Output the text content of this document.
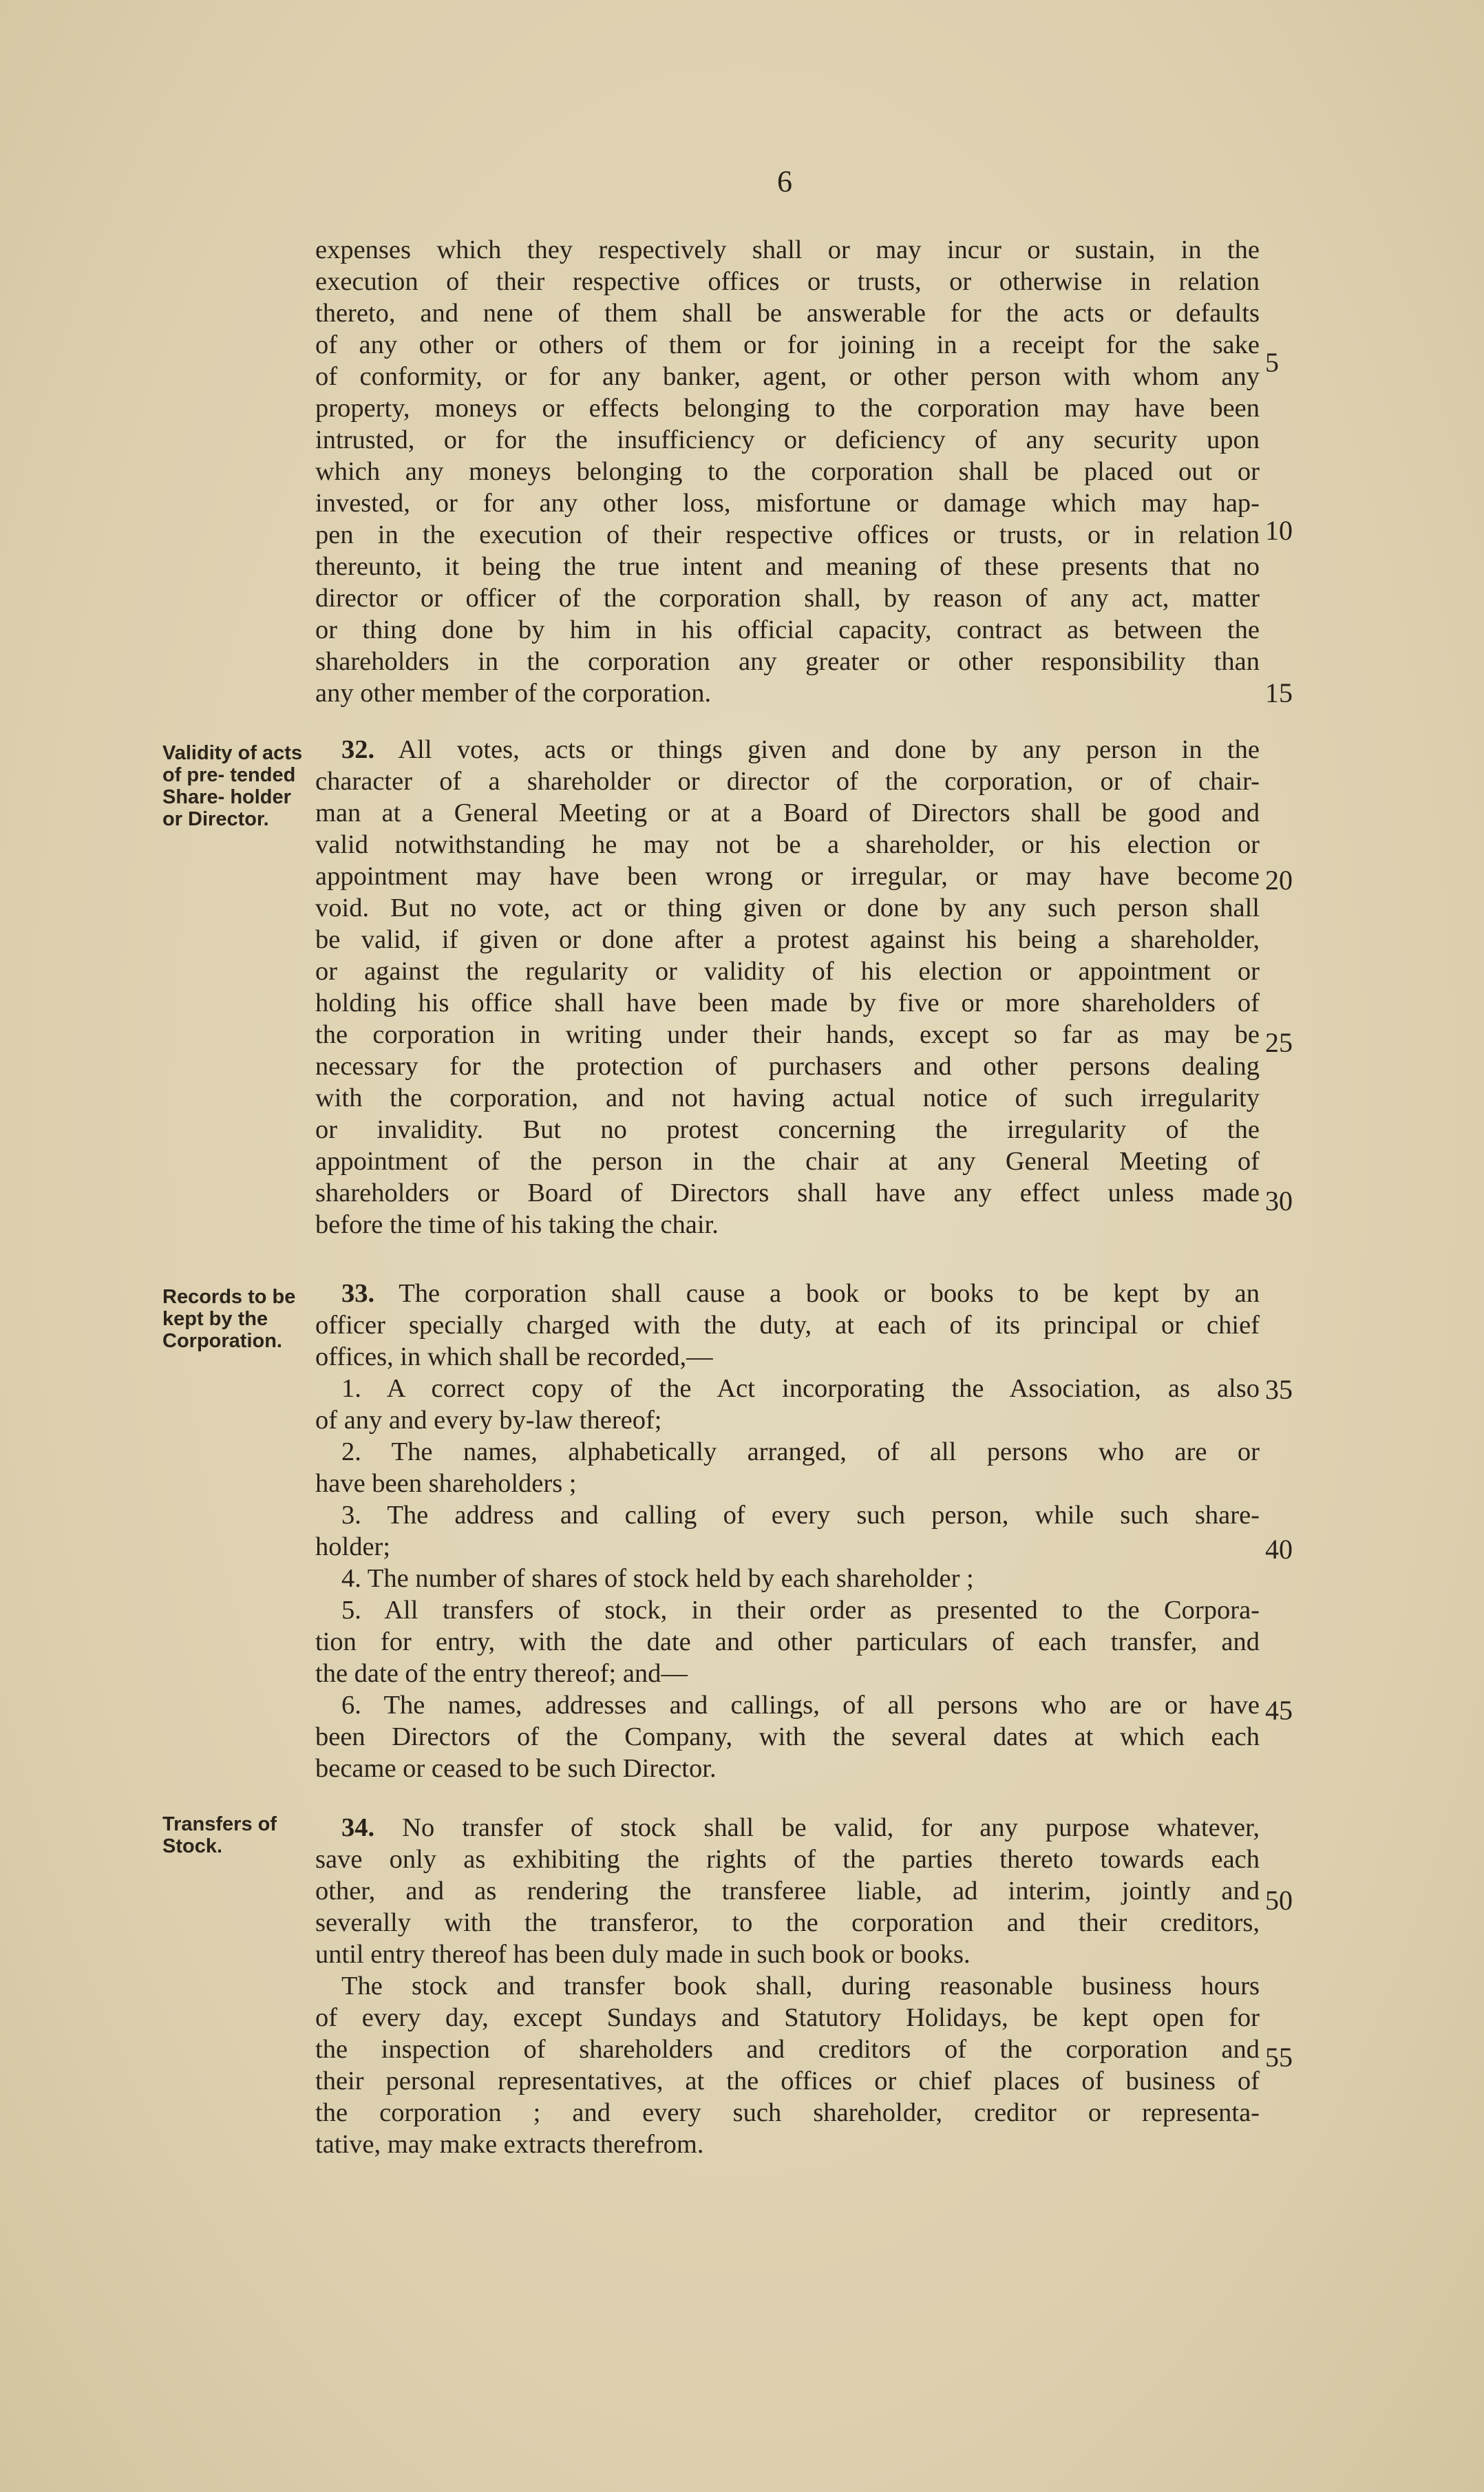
6
expenses which they respectively shall or may incur or sustain, in the
execution of their respective offices or trusts, or otherwise in relation
thereto, and nene of them shall be answerable for the acts or defaults
of any other or others of them or for joining in a receipt for the sake
of conformity, or for any banker, agent, or other person with whom any
property, moneys or effects belonging to the corporation may have been
intrusted, or for the insufficiency or deficiency of any security upon
which any moneys belonging to the corporation shall be placed out or
invested, or for any other loss, misfortune or damage which may hap-
pen in the execution of their respective offices or trusts, or in relation
thereunto, it being the true intent and meaning of these presents that no
director or officer of the corporation shall, by reason of any act, matter
or thing done by him in his official capacity, contract as between the
shareholders in the corporation any greater or other responsibility than
any other member of the corporation.
Validity of acts of pre- tended Share- holder or Director.
32. All votes, acts or things given and done by any person in the
character of a shareholder or director of the corporation, or of chair-
man at a General Meeting or at a Board of Directors shall be good and
valid notwithstanding he may not be a shareholder, or his election or
appointment may have been wrong or irregular, or may have become
void. But no vote, act or thing given or done by any such person shall
be valid, if given or done after a protest against his being a shareholder,
or against the regularity or validity of his election or appointment or
holding his office shall have been made by five or more shareholders of
the corporation in writing under their hands, except so far as may be
necessary for the protection of purchasers and other persons dealing
with the corporation, and not having actual notice of such irregularity
or invalidity. But no protest concerning the irregularity of the
appointment of the person in the chair at any General Meeting of
shareholders or Board of Directors shall have any effect unless made
before the time of his taking the chair.
Records to be kept by the Corporation.
33. The corporation shall cause a book or books to be kept by an
officer specially charged with the duty, at each of its principal or chief
offices, in which shall be recorded,—
1. A correct copy of the Act incorporating the Association, as also
of any and every by-law thereof;
2. The names, alphabetically arranged, of all persons who are or
have been shareholders ;
3. The address and calling of every such person, while such share-
holder;
4. The number of shares of stock held by each shareholder ;
5. All transfers of stock, in their order as presented to the Corpora-
tion for entry, with the date and other particulars of each transfer, and
the date of the entry thereof; and—
6. The names, addresses and callings, of all persons who are or have
been Directors of the Company, with the several dates at which each
became or ceased to be such Director.
Transfers of Stock.
34. No transfer of stock shall be valid, for any purpose whatever,
save only as exhibiting the rights of the parties thereto towards each
other, and as rendering the transferee liable, ad interim, jointly and
severally with the transferor, to the corporation and their creditors,
until entry thereof has been duly made in such book or books.
The stock and transfer book shall, during reasonable business hours
of every day, except Sundays and Statutory Holidays, be kept open for
the inspection of shareholders and creditors of the corporation and
their personal representatives, at the offices or chief places of business of
the corporation ; and every such shareholder, creditor or representa-
tative, may make extracts therefrom.
5
10
15
20
25
30
35
40
45
50
55
